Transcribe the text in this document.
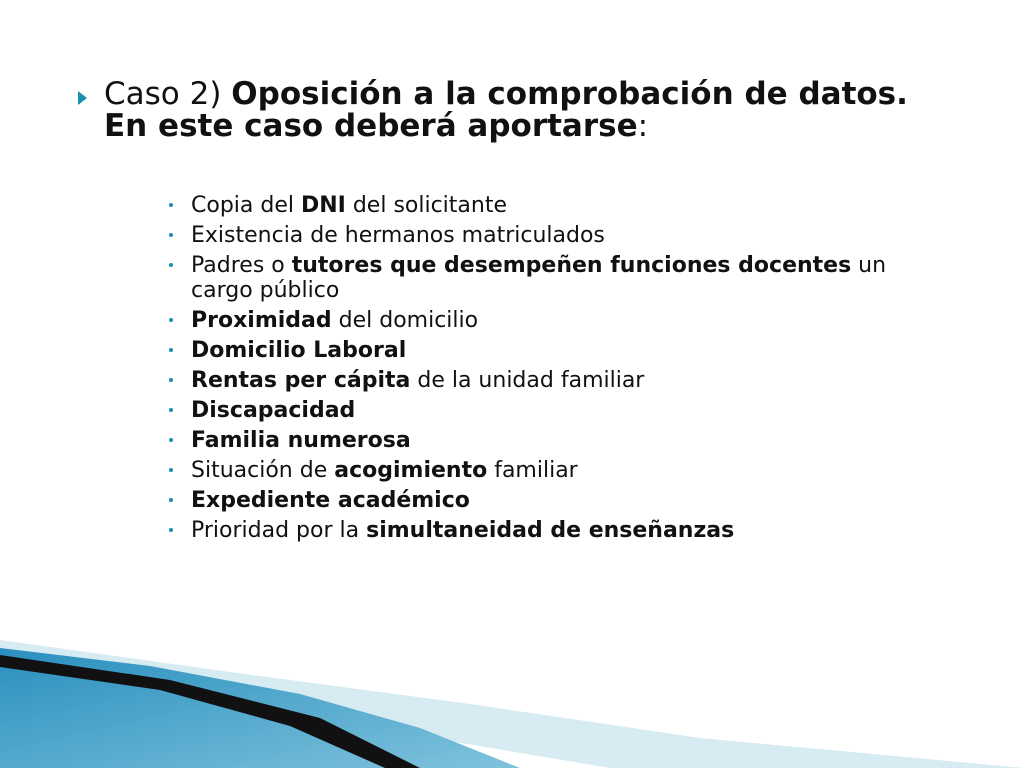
Caso 2) Oposición a la comprobación de datos.
En este caso deberá aportarse:
Copia del DNI del solicitante
Existencia de hermanos matriculados
Padres o tutores que desempeñen funciones docentes un cargo público
Proximidad del domicilio
Domicilio Laboral
Rentas per cápita de la unidad familiar
Discapacidad
Familia numerosa
Situación de acogimiento familiar
Expediente académico
Prioridad por la simultaneidad de enseñanzas
